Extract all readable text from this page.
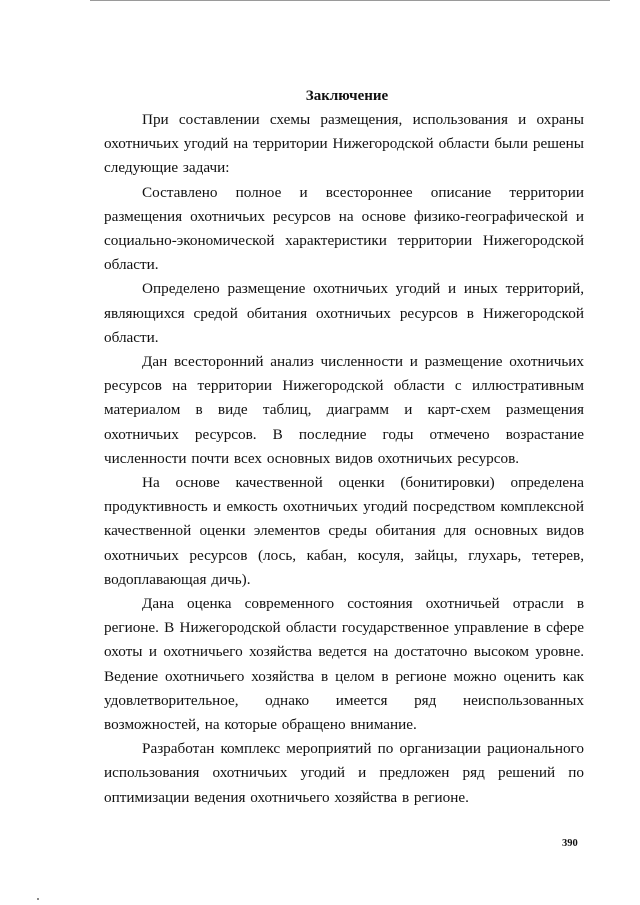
Заключение

При составлении схемы размещения, использования и охраны охотничьих угодий на территории Нижегородской области были решены следующие задачи:

Составлено полное и всестороннее описание территории размещения охотничьих ресурсов на основе физико-географической и социально-экономической характеристики территории Нижегородской области.

Определено размещение охотничьих угодий и иных территорий, являющихся средой обитания охотничьих ресурсов в Нижегородской области.

Дан всесторонний анализ численности и размещение охотничьих ресурсов на территории Нижегородской области с иллюстративным материалом в виде таблиц, диаграмм и карт-схем размещения охотничьих ресурсов. В последние годы отмечено возрастание численности почти всех основных видов охотничьих ресурсов.

На основе качественной оценки (бонитировки) определена продуктивность и емкость охотничьих угодий посредством комплексной качественной оценки элементов среды обитания для основных видов охотничьих ресурсов (лось, кабан, косуля, зайцы, глухарь, тетерев, водоплавающая дичь).

Дана оценка современного состояния охотничьей отрасли в регионе. В Нижегородской области государственное управление в сфере охоты и охотничьего хозяйства ведется на достаточно высоком уровне. Ведение охотничьего хозяйства в целом в регионе можно оценить как удовлетворительное, однако имеется ряд неиспользованных возможностей, на которые обращено внимание.

Разработан комплекс мероприятий по организации рационального использования охотничьих угодий и предложен ряд решений по оптимизации ведения охотничьего хозяйства в регионе.

390
